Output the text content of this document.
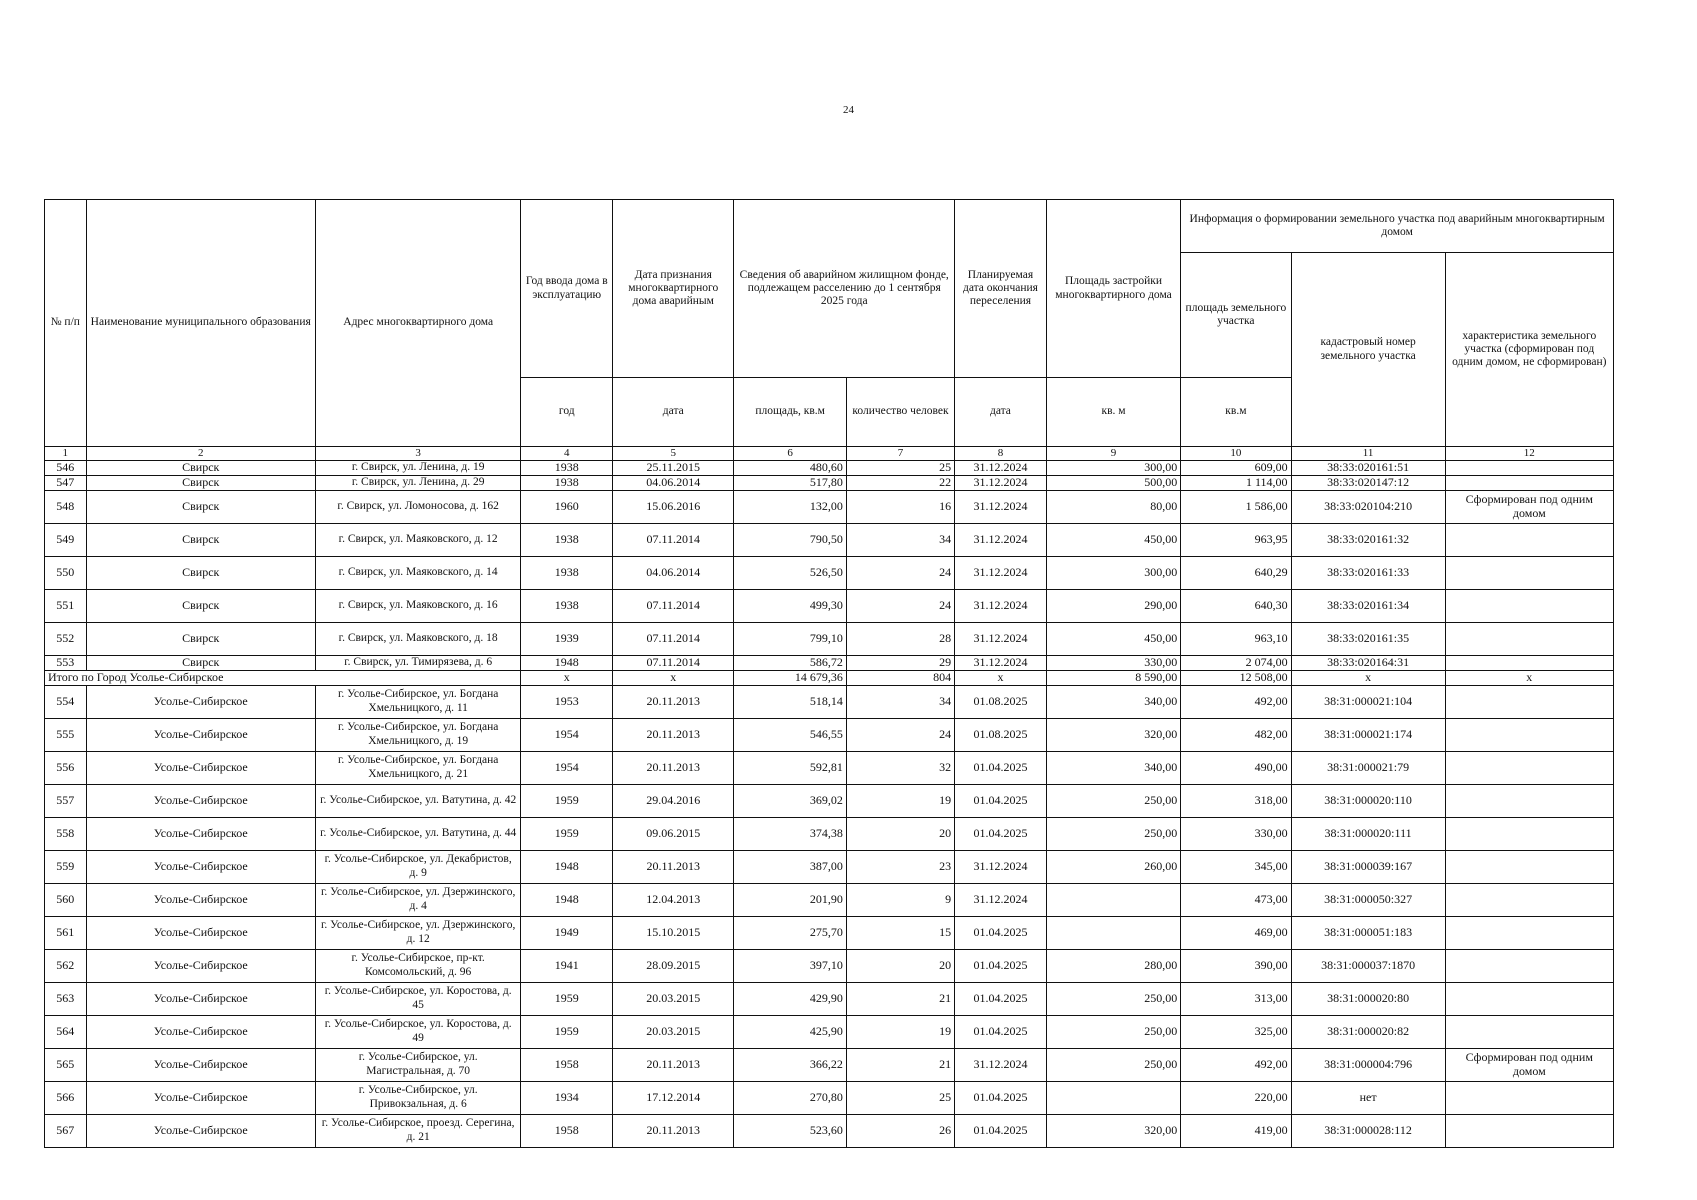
24
№ п/п	Наименование муниципального образования	Адрес многоквартирного дома	Год ввода дома в эксплуатацию	Дата признания многоквартирного дома аварийным	Сведения об аварийном жилищном фонде, подлежащем расселению до 1 сентября 2025 года		Планируемая дата окончания переселения	Площадь застройки многоквартирного дома	Информация о формировании земельного участка под аварийным многоквартирным домом		
									площадь земельного участка	кадастровый номер земельного участка	характеристика земельного участка (сформирован под одним домом, не сформирован)
			год	дата	площадь, кв.м	количество человек	дата	кв. м	кв.м		
1	2	3	4	5	6	7	8	9	10	11	12
546	Свирск	г. Свирск, ул. Ленина, д. 19	1938	25.11.2015	480,60	25	31.12.2024	300,00	609,00	38:33:020161:51	
547	Свирск	г. Свирск, ул. Ленина, д. 29	1938	04.06.2014	517,80	22	31.12.2024	500,00	1 114,00	38:33:020147:12	
548	Свирск	г. Свирск, ул. Ломоносова, д. 162	1960	15.06.2016	132,00	16	31.12.2024	80,00	1 586,00	38:33:020104:210	Сформирован под одним домом
549	Свирск	г. Свирск, ул. Маяковского, д. 12	1938	07.11.2014	790,50	34	31.12.2024	450,00	963,95	38:33:020161:32	
550	Свирск	г. Свирск, ул. Маяковского, д. 14	1938	04.06.2014	526,50	24	31.12.2024	300,00	640,29	38:33:020161:33	
551	Свирск	г. Свирск, ул. Маяковского, д. 16	1938	07.11.2014	499,30	24	31.12.2024	290,00	640,30	38:33:020161:34	
552	Свирск	г. Свирск, ул. Маяковского, д. 18	1939	07.11.2014	799,10	28	31.12.2024	450,00	963,10	38:33:020161:35	
553	Свирск	г. Свирск, ул. Тимирязева, д. 6	1948	07.11.2014	586,72	29	31.12.2024	330,00	2 074,00	38:33:020164:31	
Итого по Город Усолье-Сибирское			x	x	14 679,36	804	x	8 590,00	12 508,00	x	x
554	Усолье-Сибирское	г. Усолье-Сибирское, ул. Богдана Хмельницкого, д. 11	1953	20.11.2013	518,14	34	01.08.2025	340,00	492,00	38:31:000021:104	
555	Усолье-Сибирское	г. Усолье-Сибирское, ул. Богдана Хмельницкого, д. 19	1954	20.11.2013	546,55	24	01.08.2025	320,00	482,00	38:31:000021:174	
556	Усолье-Сибирское	г. Усолье-Сибирское, ул. Богдана Хмельницкого, д. 21	1954	20.11.2013	592,81	32	01.04.2025	340,00	490,00	38:31:000021:79	
557	Усолье-Сибирское	г. Усолье-Сибирское, ул. Ватутина, д. 42	1959	29.04.2016	369,02	19	01.04.2025	250,00	318,00	38:31:000020:110	
558	Усолье-Сибирское	г. Усолье-Сибирское, ул. Ватутина, д. 44	1959	09.06.2015	374,38	20	01.04.2025	250,00	330,00	38:31:000020:111	
559	Усолье-Сибирское	г. Усолье-Сибирское, ул. Декабристов, д. 9	1948	20.11.2013	387,00	23	31.12.2024	260,00	345,00	38:31:000039:167	
560	Усолье-Сибирское	г. Усолье-Сибирское, ул. Дзержинского, д. 4	1948	12.04.2013	201,90	9	31.12.2024		473,00	38:31:000050:327	
561	Усолье-Сибирское	г. Усолье-Сибирское, ул. Дзержинского, д. 12	1949	15.10.2015	275,70	15	01.04.2025		469,00	38:31:000051:183	
562	Усолье-Сибирское	г. Усолье-Сибирское, пр-кт. Комсомольский, д. 96	1941	28.09.2015	397,10	20	01.04.2025	280,00	390,00	38:31:000037:1870	
563	Усолье-Сибирское	г. Усолье-Сибирское, ул. Коростова, д. 45	1959	20.03.2015	429,90	21	01.04.2025	250,00	313,00	38:31:000020:80	
564	Усолье-Сибирское	г. Усолье-Сибирское, ул. Коростова, д. 49	1959	20.03.2015	425,90	19	01.04.2025	250,00	325,00	38:31:000020:82	
565	Усолье-Сибирское	г. Усолье-Сибирское, ул. Магистральная, д. 70	1958	20.11.2013	366,22	21	31.12.2024	250,00	492,00	38:31:000004:796	Сформирован под одним домом
566	Усолье-Сибирское	г. Усолье-Сибирское, ул. Привокзальная, д. 6	1934	17.12.2014	270,80	25	01.04.2025		220,00	нет	
567	Усолье-Сибирское	г. Усолье-Сибирское, проезд. Серегина, д. 21	1958	20.11.2013	523,60	26	01.04.2025	320,00	419,00	38:31:000028:112	
